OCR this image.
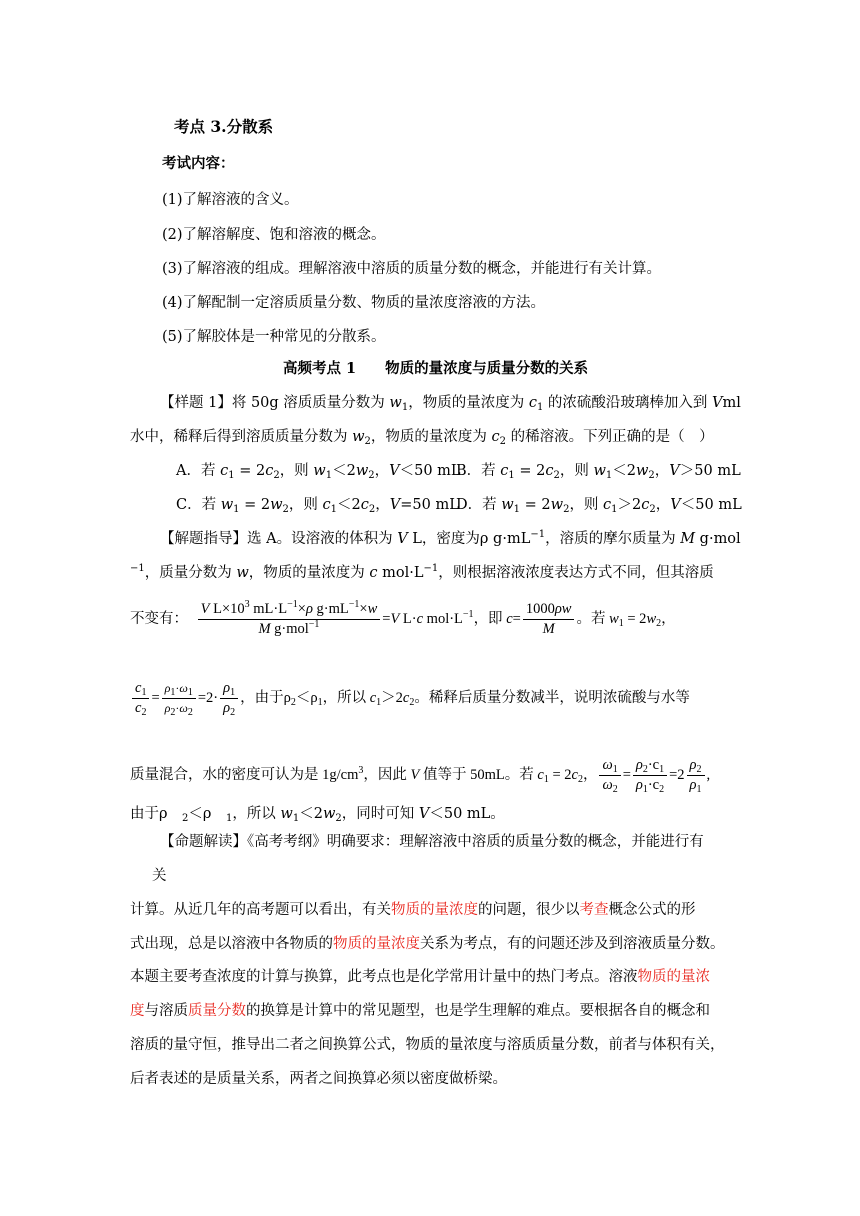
考点 3.分散系
考试内容：
(1)了解溶液的含义。
(2)了解溶解度、饱和溶液的概念。
(3)了解溶液的组成。理解溶液中溶质的质量分数的概念，并能进行有关计算。
(4)了解配制一定溶质质量分数、物质的量浓度溶液的方法。
(5)了解胶体是一种常见的分散系。
高频考点 1　　物质的量浓度与质量分数的关系
【样题 1】将 50g 溶质质量分数为 $w_1$，物质的量浓度为 $c_1$ 的浓硫酸沿玻璃棒加入到 Vml
水中，稀释后得到溶质质量分数为 $w_2$，物质的量浓度为 $c_2$ 的稀溶液。下列正确的是（　）
A．若 $c_1 = 2c_2$，则 $w_1<2w_2$，V＜50 mL
B．若 $c_1 = 2c_2$，则 $w_1<2w_2$，V＞50 mL
C．若 $w_1 = 2w_2$，则 $c_1<2c_2$，V=50 mL
D．若 $w_1 = 2w_2$，则 $c_1>2c_2$，V＜50 mL
【解题指导】选 A。设溶液的体积为 V L，密度为ρ $g\cdot mL^{-1}$，溶质的摩尔质量为 M g·mol
$^{-1}$，质量分数为 w，物质的量浓度为 c $mol\cdot L^{-1}$，则根据溶液浓度表达方式不同，但其溶质
不变有： $\frac{V L\times 10^3 mL\cdot L^{-1}\times\rho g\cdot mL^{-1}\times w}{M g\cdot mol^{-1}} =V$ L·c $mol\cdot L^{-1}$，即 $c= \frac{1000\rho w}{M}$ 。若 $w_1 = 2w_2$，
$\frac{c_1}{c_2} = \frac{\rho_1\cdot\omega_1}{\rho_2\cdot\omega_2} =2\cdot \frac{\rho_1}{\rho_2}$ ，由于$\rho_2<\rho_1$，所以 $c_1>2c_2$。稀释后质量分数减半，说明浓硫酸与水等
质量混合，水的密度可认为是 $1g/cm^3$，因此 V 值等于 50mL。若 $c_1 = 2c_2$， $\frac{\omega_1}{\omega_2} = \frac{\rho_2\cdot c_1}{\rho_1\cdot c_2} =2 \frac{\rho_2}{\rho_1}$ ,
由于ρ　$_2$＜ρ　$_1$，所以 $w_1<2w_2$，同时可知 V＜50 mL。
【命题解读】《高考考纲》明确要求：理解溶液中溶质的质量分数的概念，并能进行有
关
计算。从近几年的高考题可以看出，有关物质的量浓度的问题，很少以考查概念公式的形
式出现，总是以溶液中各物质的物质的量浓度关系为考点，有的问题还涉及到溶液质量分数。
本题主要考查浓度的计算与换算，此考点也是化学常用计量中的热门考点。溶液物质的量浓
度与溶质质量分数的换算是计算中的常见题型，也是学生理解的难点。要根据各自的概念和
溶质的量守恒，推导出二者之间换算公式，物质的量浓度与溶质质量分数，前者与体积有关，
后者表述的是质量关系，两者之间换算必须以密度做桥梁。
